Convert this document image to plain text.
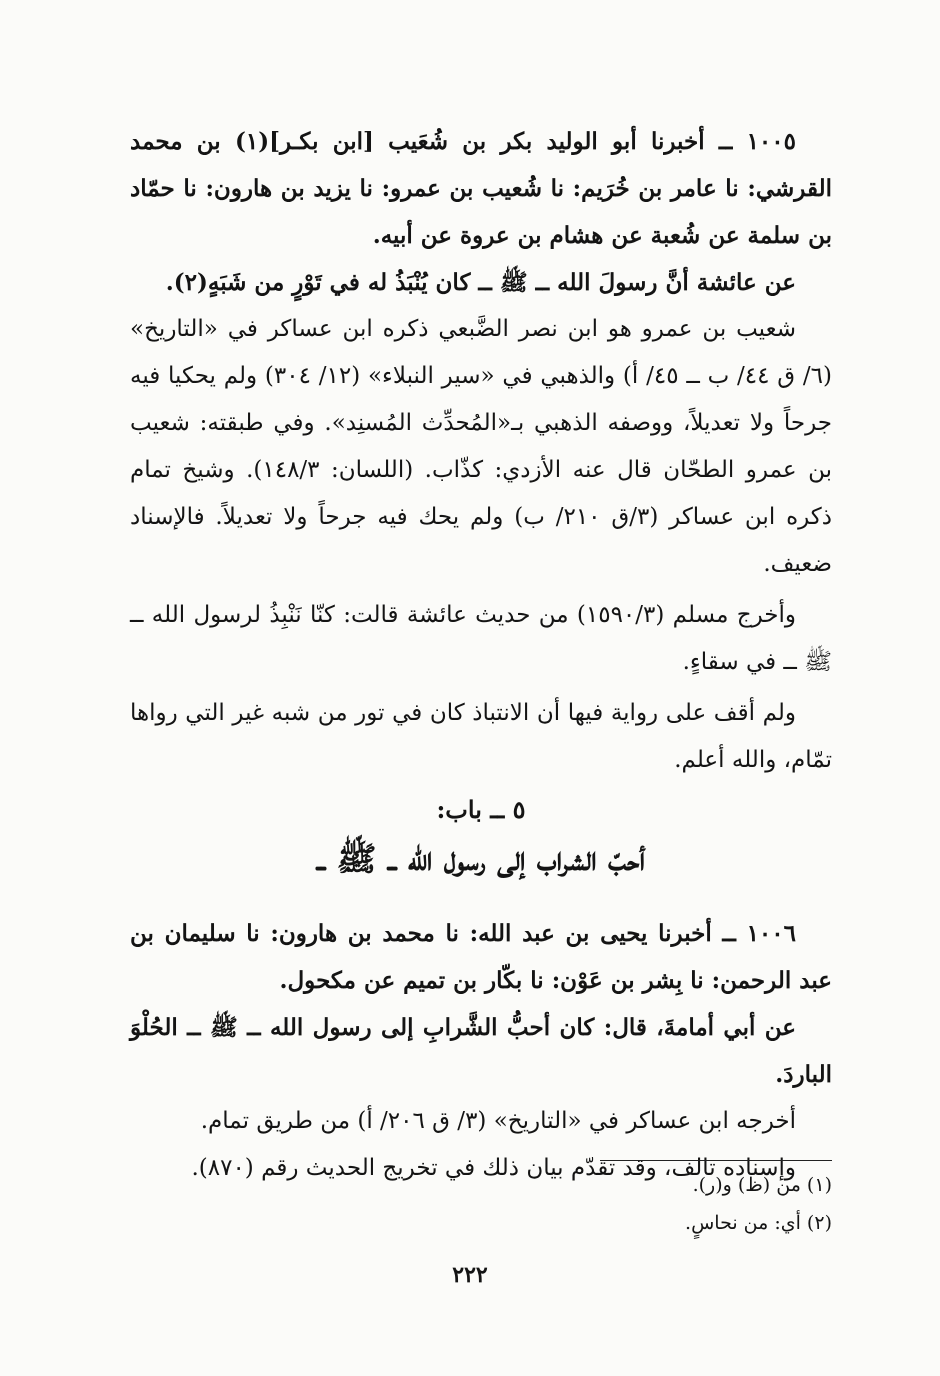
١٠٠٥ ــ أخبرنا أبو الوليد بكر بن شُعَيب [ابن بكـر](١) بن محمد القرشي: نا عامر بن خُرَيم: نا شُعيب بن عمرو: نا يزيد بن هارون: نا حمّاد بن سلمة عن شُعبة عن هشام بن عروة عن أبيه.

عن عائشة أنَّ رسولَ الله ــ ﷺ ــ كان يُنْبَذُ له في تَوْرٍ من شَبَهٍ(٢).

شعيب بن عمرو هو ابن نصر الضَّبعي ذكره ابن عساكر في «التاريخ» (٦/ ق ٤٤/ ب ــ ٤٥/ أ) والذهبي في «سير النبلاء» (١٢/ ٣٠٤) ولم يحكيا فيه جرحاً ولا تعديلاً، ووصفه الذهبي بـ«المُحدِّث المُسنِد». وفي طبقته: شعيب بن عمرو الطحّان قال عنه الأزدي: كذّاب. (اللسان: ١٤٨/٣). وشيخ تمام ذكره ابن عساكر (٣/ق ٢١٠/ ب) ولم يحك فيه جرحاً ولا تعديلاً. فالإسناد ضعيف.

وأخرج مسلم (١٥٩٠/٣) من حديث عائشة قالت: كنّا نَنْبِذُ لرسول الله ــ ﷺ ــ في سقاءٍ.

ولم أقف على رواية فيها أن الانتباذ كان في تور من شبه غير التي رواها تمّام، والله أعلم.

٥ ــ باب:
أحبّ الشراب إلى رسول الله ــ ﷺ ــ

١٠٠٦ ــ أخبرنا يحيى بن عبد الله: نا محمد بن هارون: نا سليمان بن عبد الرحمن: نا بِشر بن عَوْن: نا بكّار بن تميم عن مكحول.

عن أبي أمامةَ، قال: كان أحبُّ الشَّرابِ إلى رسول الله ــ ﷺ ــ الحُلْوَ الباردَ.

أخرجه ابن عساكر في «التاريخ» (٣/ ق ٢٠٦/ أ) من طريق تمام.

وإسناده تالف، وقد تقدّم بيان ذلك في تخريج الحديث رقم (٨٧٠).

(١) من (ظ) و(ر).

(٢) أي: من نحاسٍ.

٢٢٢
